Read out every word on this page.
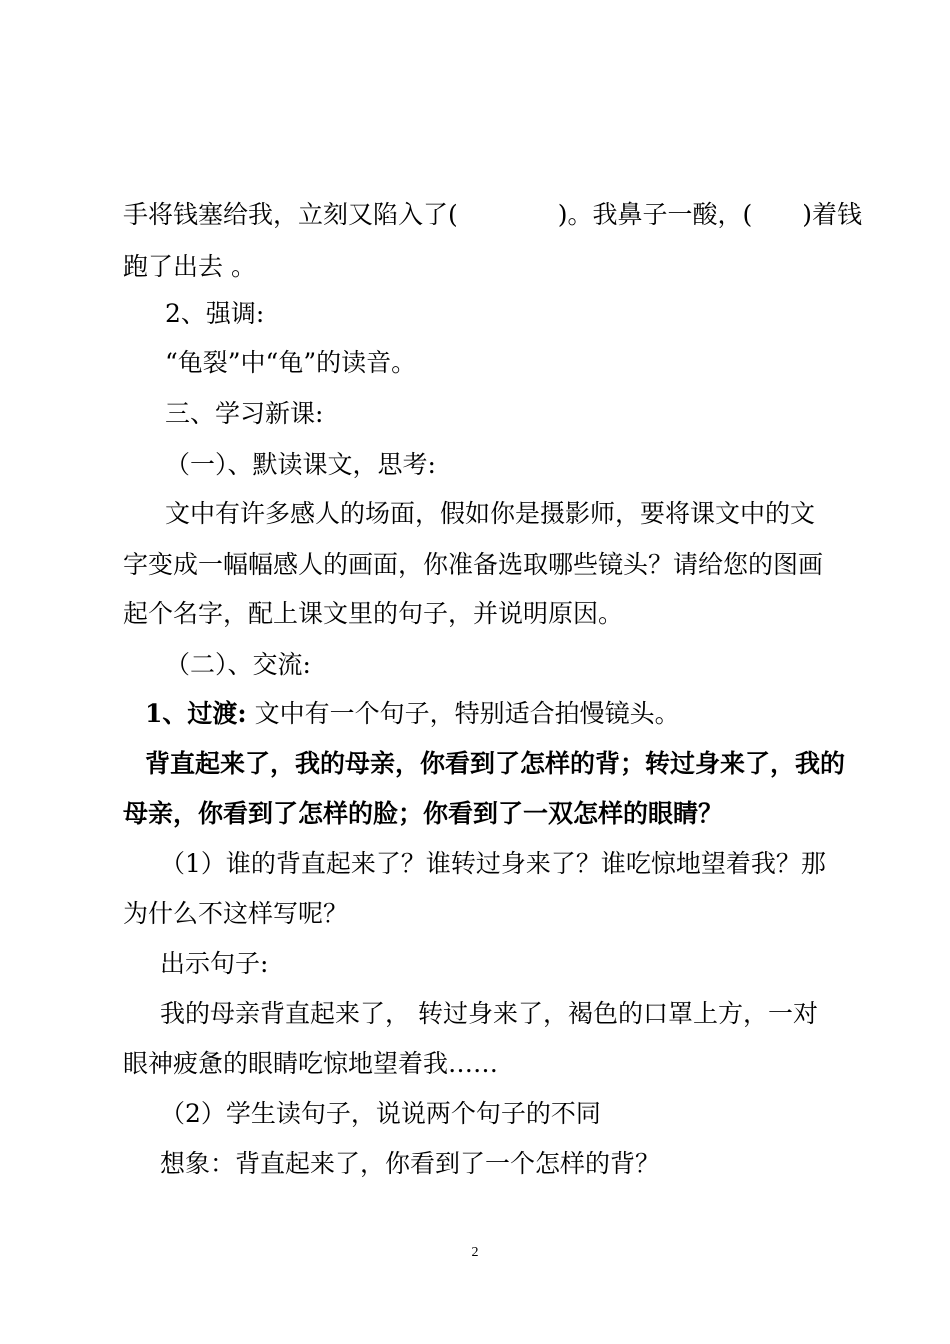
手将钱塞给我，立刻又陷入了(　　　　)。我鼻子一酸，(　　)着钱
跑了出去 。
2、强调:
“龟裂”中“龟”的读音。
三、学习新课:
（一）、默读课文，思考:
文中有许多感人的场面，假如你是摄影师，要将课文中的文
字变成一幅幅感人的画面，你准备选取哪些镜头？请给您的图画
起个名字，配上课文里的句子，并说明原因。
（二）、交流:
1、过渡: 文中有一个句子，特别适合拍慢镜头。
背直起来了，我的母亲，你看到了怎样的背；转过身来了，我的
母亲，你看到了怎样的脸；你看到了一双怎样的眼睛？
（1）谁的背直起来了？谁转过身来了？谁吃惊地望着我？那
为什么不这样写呢？
出示句子:
我的母亲背直起来了， 转过身来了，褐色的口罩上方，一对
眼神疲惫的眼睛吃惊地望着我……
（2）学生读句子，说说两个句子的不同
想象：背直起来了，你看到了一个怎样的背？
2
